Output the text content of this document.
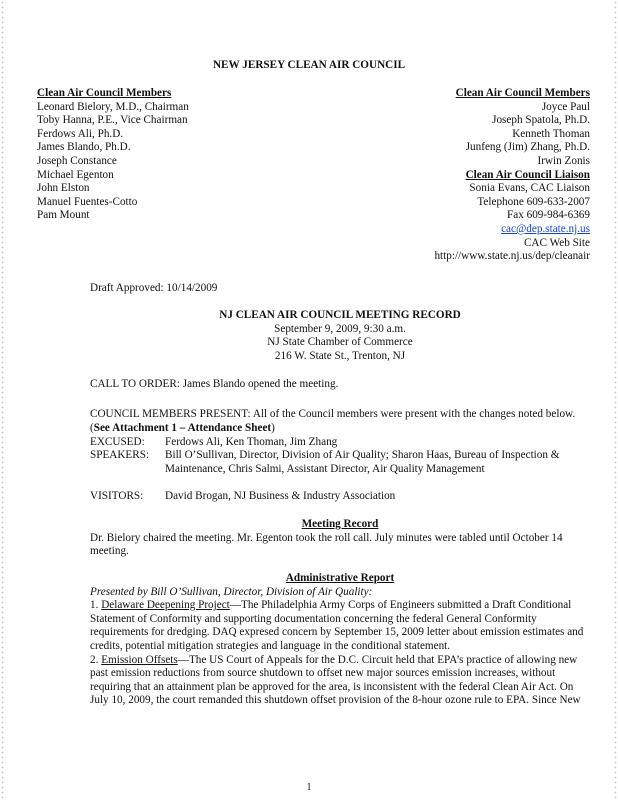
NEW JERSEY CLEAN AIR COUNCIL
Clean Air Council Members
Leonard Bielory, M.D., Chairman
Toby Hanna, P.E., Vice Chairman
Ferdows Ali, Ph.D.
James Blando, Ph.D.
Joseph Constance
Michael Egenton
John Elston
Manuel Fuentes-Cotto
Pam Mount
Clean Air Council Members
Joyce Paul
Joseph Spatola, Ph.D.
Kenneth Thoman
Junfeng (Jim) Zhang, Ph.D.
Irwin Zonis
Clean Air Council Liaison
Sonia Evans, CAC Liaison
Telephone 609-633-2007
Fax 609-984-6369
cac@dep.state.nj.us
CAC Web Site
http://www.state.nj.us/dep/cleanair
Draft Approved: 10/14/2009
NJ CLEAN AIR COUNCIL MEETING RECORD
September 9, 2009, 9:30 a.m.
NJ State Chamber of Commerce
216 W. State St., Trenton, NJ
CALL TO ORDER: James Blando opened the meeting.
COUNCIL MEMBERS PRESENT: All of the Council members were present with the changes noted below. (See Attachment 1 – Attendance Sheet)
EXCUSED:	Ferdows Ali, Ken Thoman, Jim Zhang
SPEAKERS:	Bill O’Sullivan, Director, Division of Air Quality; Sharon Haas, Bureau of Inspection & Maintenance, Chris Salmi, Assistant Director, Air Quality Management
VISITORS:	David Brogan, NJ Business & Industry Association
Meeting Record
Dr. Bielory chaired the meeting. Mr. Egenton took the roll call. July minutes were tabled until October 14 meeting.
Administrative Report
Presented by Bill O’Sullivan, Director, Division of Air Quality:
1. Delaware Deepening Project—The Philadelphia Army Corps of Engineers submitted a Draft Conditional Statement of Conformity and supporting documentation concerning the federal General Conformity requirements for dredging. DAQ expresed concern by September 15, 2009 letter about emission estimates and credits, potential mitigation strategies and language in the conditional statement.
2. Emission Offsets—The US Court of Appeals for the D.C. Circuit held that EPA’s practice of allowing new past emission reductions from source shutdown to offset new major sources emission increases, without requiring that an attainment plan be approved for the area, is inconsistent with the federal Clean Air Act. On July 10, 2009, the court remanded this shutdown offset provision of the 8-hour ozone rule to EPA. Since New
1
